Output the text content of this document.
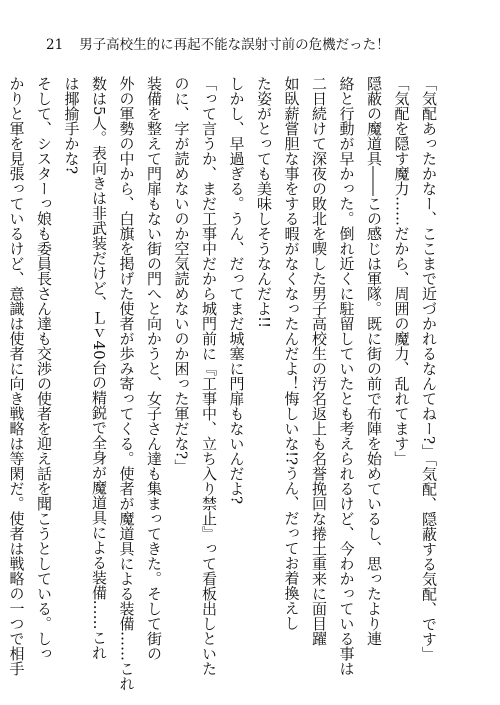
21 男子高校生的に再起不能な誤射寸前の危機だった！

「気配あったかなー、ここまで近づかれるなんてねー?」「気配、隠蔽する気配、です」

「気配を隠す魔力……だから、周囲の魔力、乱れてます」

隠蔽の魔道具――この感じは軍隊。既に街の前で布陣を始めているし、思ったより連

絡と行動が早かった。倒れ近くに駐留していたとも考えられるけど、今わかっている事は

二日続けて深夜の敗北を喫した男子高校生の汚名返上も名誉挽回な捲土重来に面目躍

如臥薪嘗胆な事をする暇がなくなったんだよ！悔しいな!?うん、だってお着換えし

た姿がとっても美味しそうなんだよ!!

しかし、早過ぎる。うん、だってまだ城塞に門扉もないんだよ?

「って言うか、まだ工事中だから城門前に『工事中、立ち入り禁止』って看板出しといた

のに、字が読めないのか空気読めないのか困った軍だな?」

装備を整えて門扉もない街の門へと向かうと、女子さん達も集まってきた。そして街の

外の軍勢の中から、白旗を掲げた使者が歩み寄ってくる。使者が魔道具による装備……これ

数は5人。表向きは非武装だけど、Ｌｖ40台の精鋭で全身が魔道具による装備……これ

は揶揄手かな?

そして、シスターっ娘も委員長さん達も交渉の使者を迎え話を聞こうとしている。しっ

かりと軍を見張っているけど、意識は使者に向き戦略は等閑だ。使者は戦略の一つで相手
